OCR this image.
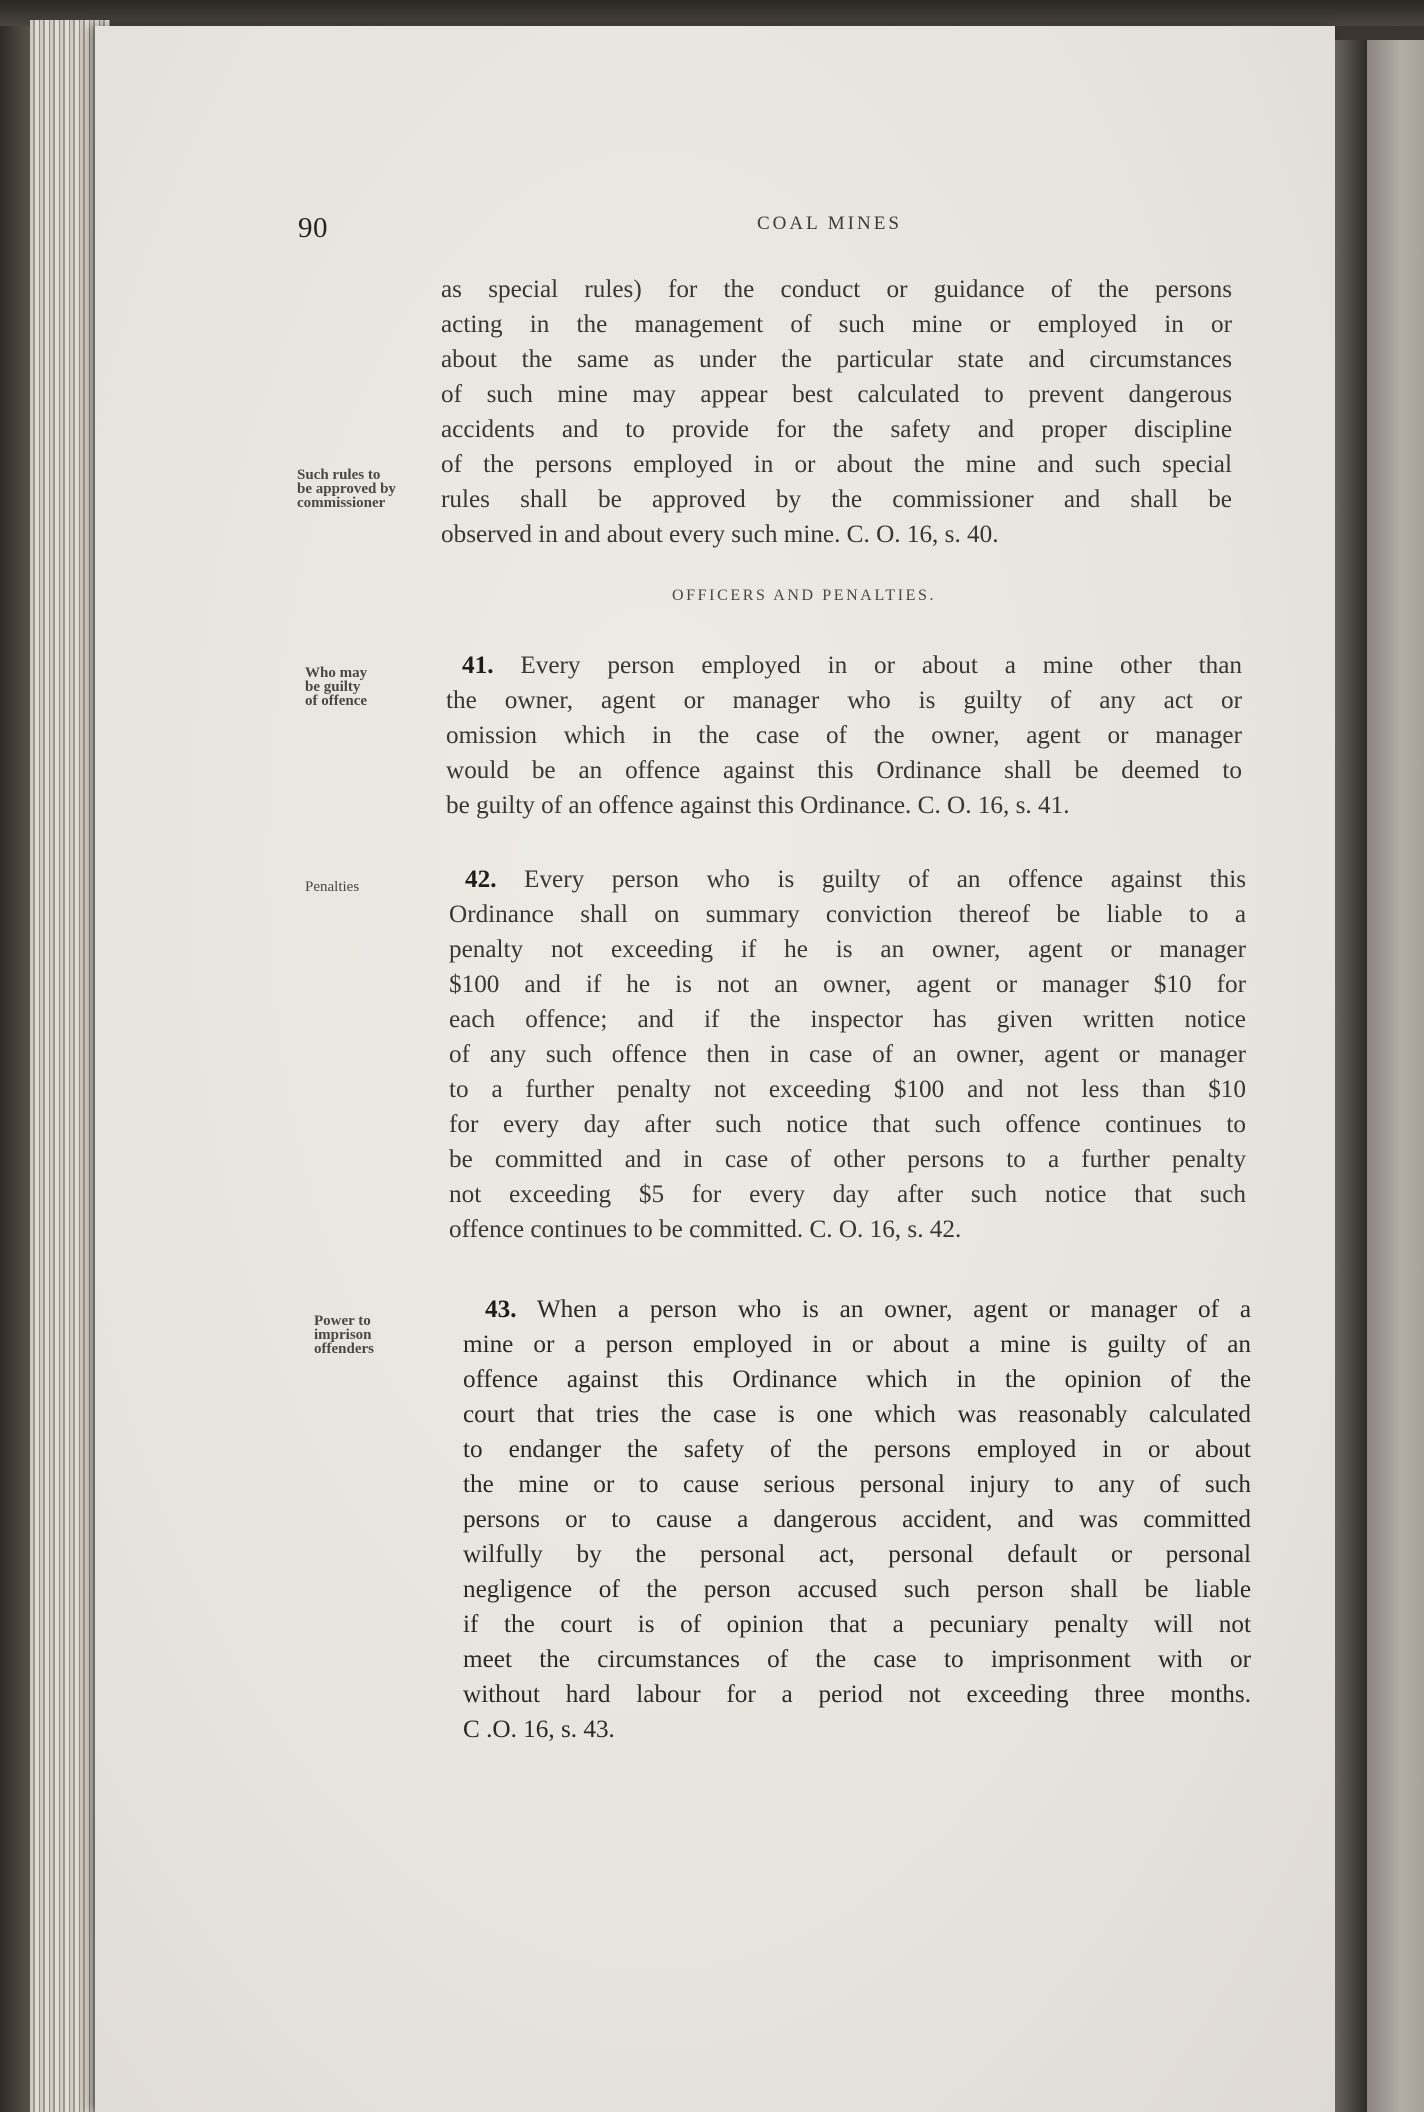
90	COAL MINES
as special rules) for the conduct or guidance of the persons
acting in the management of such mine or employed in or
about the same as under the particular state and circumstances
of such mine may appear best calculated to prevent dangerous
accidents and to provide for the safety and proper discipline
of the persons employed in or about the mine and such special
rules shall be approved by the commissioner and shall be
observed in and about every such mine. C. O. 16, s. 40.
Such rules to
be approved by
commissioner
OFFICERS AND PENALTIES.
Who may
be guilty
of offence
41. Every person employed in or about a mine other than
the owner, agent or manager who is guilty of any act or
omission which in the case of the owner, agent or manager
would be an offence against this Ordinance shall be deemed to
be guilty of an offence against this Ordinance. C. O. 16, s. 41.
Penalties	42. Every person who is guilty of an offence against this
Ordinance shall on summary conviction thereof be liable to a
penalty not exceeding if he is an owner, agent or manager
$100 and if he is not an owner, agent or manager $10 for
each offence; and if the inspector has given written notice
of any such offence then in case of an owner, agent or manager
to a further penalty not exceeding $100 and not less than $10
for every day after such notice that such offence continues to
be committed and in case of other persons to a further penalty
not exceeding $5 for every day after such notice that such
offence continues to be committed. C. O. 16, s. 42.
Power to
imprison
offenders
43. When a person who is an owner, agent or manager of a
mine or a person employed in or about a mine is guilty of an
offence against this Ordinance which in the opinion of the
court that tries the case is one which was reasonably calculated
to endanger the safety of the persons employed in or about
the mine or to cause serious personal injury to any of such
persons or to cause a dangerous accident, and was committed
wilfully by the personal act, personal default or personal
negligence of the person accused such person shall be liable
if the court is of opinion that a pecuniary penalty will not
meet the circumstances of the case to imprisonment with or
without hard labour for a period not exceeding three months.
C .O. 16, s. 43.
